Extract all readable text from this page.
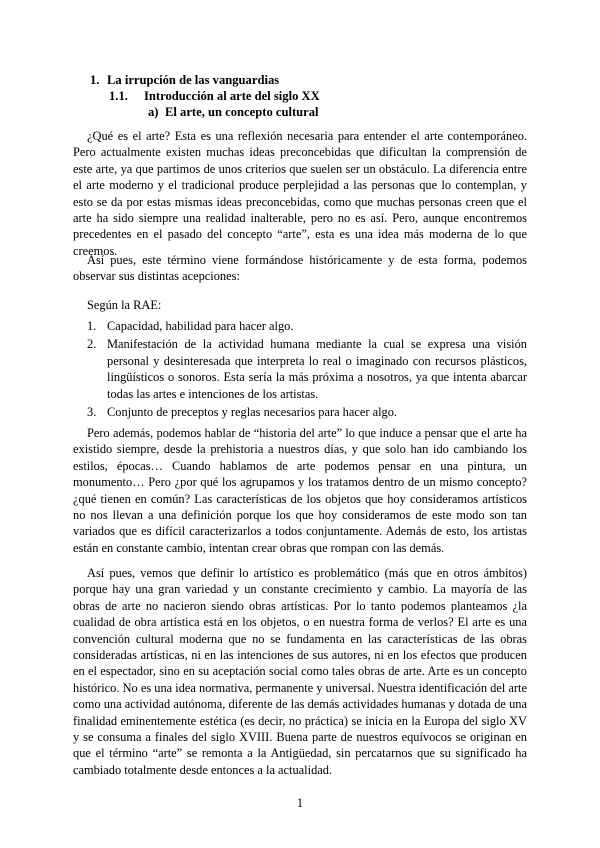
1. La irrupción de las vanguardias
1.1. Introducción al arte del siglo XX
a) El arte, un concepto cultural

¿Qué es el arte? Esta es una reflexión necesaria para entender el arte contemporáneo. Pero actualmente existen muchas ideas preconcebidas que dificultan la comprensión de este arte, ya que partimos de unos criterios que suelen ser un obstáculo. La diferencia entre el arte moderno y el tradicional produce perplejidad a las personas que lo contemplan, y esto se da por estas mismas ideas preconcebidas, como que muchas personas creen que el arte ha sido siempre una realidad inalterable, pero no es así. Pero, aunque encontremos precedentes en el pasado del concepto “arte”, esta es una idea más moderna de lo que creemos.

Así pues, este término viene formándose históricamente y de esta forma, podemos observar sus distintas acepciones:

Según la RAE:

1. Capacidad, habilidad para hacer algo.
2. Manifestación de la actividad humana mediante la cual se expresa una visión personal y desinteresada que interpreta lo real o imaginado con recursos plásticos, lingüísticos o sonoros. Esta sería la más próxima a nosotros, ya que intenta abarcar todas las artes e intenciones de los artistas.
3. Conjunto de preceptos y reglas necesarios para hacer algo.

Pero además, podemos hablar de “historia del arte” lo que induce a pensar que el arte ha existido siempre, desde la prehistoria a nuestros días, y que solo han ido cambiando los estilos, épocas… Cuando hablamos de arte podemos pensar en una pintura, un monumento… Pero ¿por qué los agrupamos y los tratamos dentro de un mismo concepto? ¿qué tienen en común? Las características de los objetos que hoy consideramos artísticos no nos llevan a una definición porque los que hoy consideramos de este modo son tan variados que es difícil caracterizarlos a todos conjuntamente. Además de esto, los artistas están en constante cambio, intentan crear obras que rompan con las demás.

Así pues, vemos que definir lo artístico es problemático (más que en otros ámbitos) porque hay una gran variedad y un constante crecimiento y cambio. La mayoría de las obras de arte no nacieron siendo obras artísticas. Por lo tanto podemos planteamos ¿la cualidad de obra artística está en los objetos, o en nuestra forma de verlos? El arte es una convención cultural moderna que no se fundamenta en las características de las obras consideradas artísticas, ni en las intenciones de sus autores, ni en los efectos que producen en el espectador, sino en su aceptación social como tales obras de arte. Arte es un concepto histórico. No es una idea normativa, permanente y universal. Nuestra identificación del arte como una actividad autónoma, diferente de las demás actividades humanas y dotada de una finalidad eminentemente estética (es decir, no práctica) se inicia en la Europa del siglo XV y se consuma a finales del siglo XVIII. Buena parte de nuestros equívocos se originan en que el término “arte” se remonta a la Antigüedad, sin percatarnos que su significado ha cambiado totalmente desde entonces a la actualidad.

1
